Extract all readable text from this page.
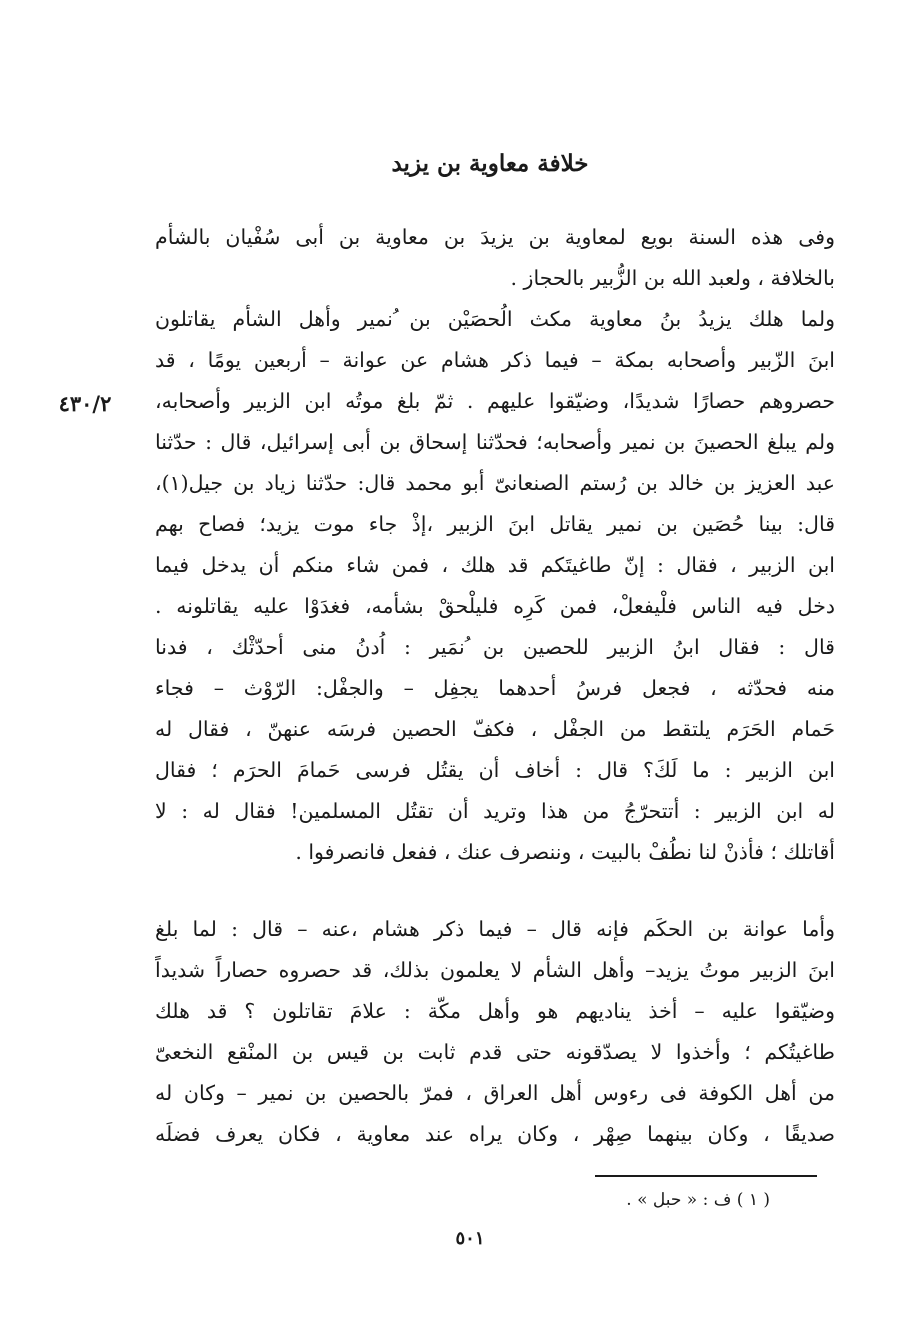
خلافة معاوية بن يزيد
٤٣٠/٢
وفى هذه السنة بويع لمعاوية بن يزيدَ بن معاوية بن أبى سُفْيان بالشأم
بالخلافة ، ولعبد الله بن الزُّبير بالحجاز .
ولما هلك يزيدُ بنُ معاوية مكث الُحصَيْن بن ُنمير وأهل الشأم يقاتلون
ابنَ الزّبير وأصحابه بمكة – فيما ذكر هشام عن عوانة – أربعين يومًا ، قد
حصروهم حصارًا شديدًا، وضيّقوا عليهم . ثمّ بلغ موتُه ابن الزبير وأصحابه،
ولم يبلغ الحصينَ بن نمير وأصحابه؛ فحدّثنا إسحاق بن أبى إسرائيل، قال : حدّثنا
عبد العزيز بن خالد بن رُستم الصنعانىّ أبو محمد قال: حدّثنا زياد بن جيل(١)،
قال: بينا حُصَين بن نمير يقاتل ابنَ الزبير ،إذْ جاء موت يزيد؛ فصاح بهم
ابن الزبير ، فقال : إنّ طاغيتَكم قد هلك ، فمن شاء منكم أن يدخل فيما
دخل فيه الناس فلْيفعلْ، فمن كَرِه فليلْحقْ بشأمه، فغدَوْا عليه يقاتلونه .
قال : فقال ابنُ الزبير للحصين بن ُنمَير : اُدنُ منى أحدّثْك ، فدنا
منه فحدّثه ، فجعل فرسُ أحدهما يجفِل – والجفْل: الرّوْث – فجاء
حَمام الحَرَم يلتقط من الجفْل ، فكفّ الحصين فرسَه عنهنّ ، فقال له
ابن الزبير : ما لَكَ؟ قال : أخاف أن يقتُل فرسى حَمامَ الحرَم ؛ فقال
له ابن الزبير : أتتحرّجُ من هذا وتريد أن تقتُل المسلمين! فقال له : لا
أقاتلك ؛ فأذنْ لنا نطُفْ بالبيت ، وننصرف عنك ، ففعل فانصرفوا .
وأما عوانة بن الحكَم فإنه قال – فيما ذكر هشام ،عنه – قال : لما بلغ
ابنَ الزبير موتُ يزيد– وأهل الشأم لا يعلمون بذلك، قد حصروه حصاراً شديداً
وضيّقوا عليه – أخذ يناديهم هو وأهل مكّة : علامَ تقاتلون ؟ قد هلك
طاغيتُكم ؛ وأخذوا لا يصدّقونه حتى قدم ثابت بن قيس بن المنْقع النخعىّ
من أهل الكوفة فى رءوس أهل العراق ، فمرّ بالحصين بن نمير – وكان له
صديقًا ، وكان بينهما صِهْر ، وكان يراه عند معاوية ، فكان يعرف فضلَه
( ١ ) ف : « حبل » .
٥٠١
